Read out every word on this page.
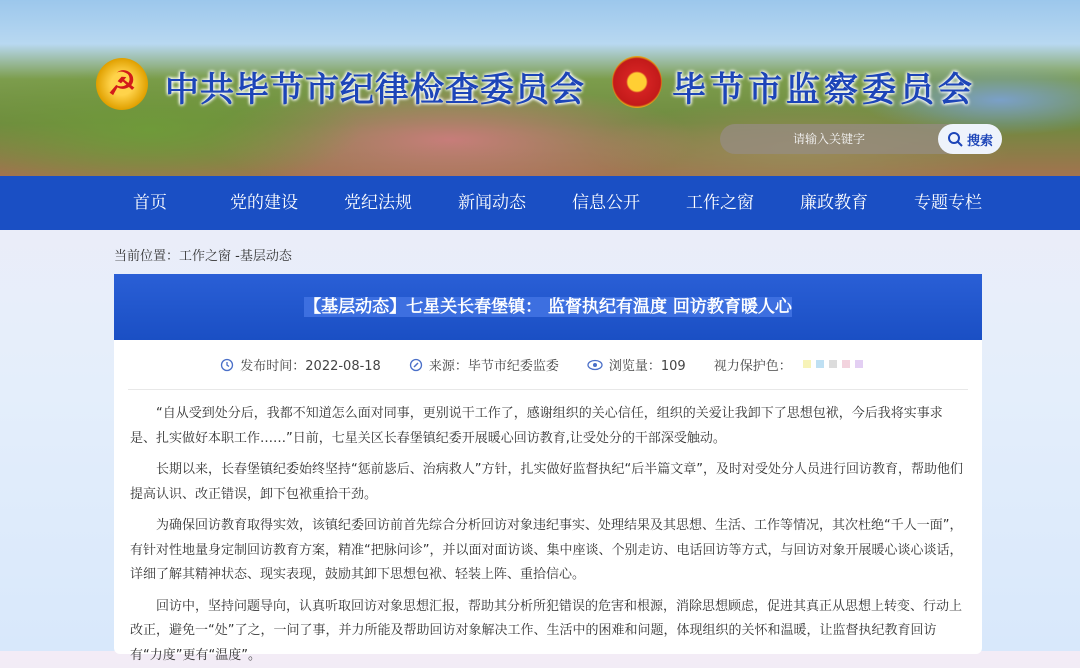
☭ 中共毕节市纪律检查委员会	毕节市监察委员会
请输入关键字
搜索
首页	党的建设	党纪法规	新闻动态	信息公开	工作之窗	廉政教育	专题专栏
当前位置：工作之窗 -基层动态
【基层动态】七星关长春堡镇： 监督执纪有温度 回访教育暖人心
发布时间：2022-08-18	来源：毕节市纪委监委	浏览量：109 视力保护色：

“自从受到处分后，我都不知道怎么面对同事，更别说干工作了，感谢组织的关心信任，组织的关爱让我卸下了思想包袱，今后我将实事求是、扎实做好本职工作……”日前，七星关区长春堡镇纪委开展暖心回访教育,让受处分的干部深受触动。

长期以来，长春堡镇纪委始终坚持“惩前毖后、治病救人”方针，扎实做好监督执纪“后半篇文章”，及时对受处分人员进行回访教育，帮助他们提高认识、改正错误，卸下包袱重拾干劲。

为确保回访教育取得实效，该镇纪委回访前首先综合分析回访对象违纪事实、处理结果及其思想、生活、工作等情况，其次杜绝“千人一面”，有针对性地量身定制回访教育方案，精准“把脉问诊”，并以面对面访谈、集中座谈、个别走访、电话回访等方式，与回访对象开展暖心谈心谈话，详细了解其精神状态、现实表现，鼓励其卸下思想包袱、轻装上阵、重拾信心。

回访中，坚持问题导向，认真听取回访对象思想汇报，帮助其分析所犯错误的危害和根源，消除思想顾虑，促进其真正从思想上转变、行动上改正，避免一“处”了之，一问了事，并力所能及帮助回访对象解决工作、生活中的困难和问题，体现组织的关怀和温暖，让监督执纪教育回访有“力度”更有“温度”。
